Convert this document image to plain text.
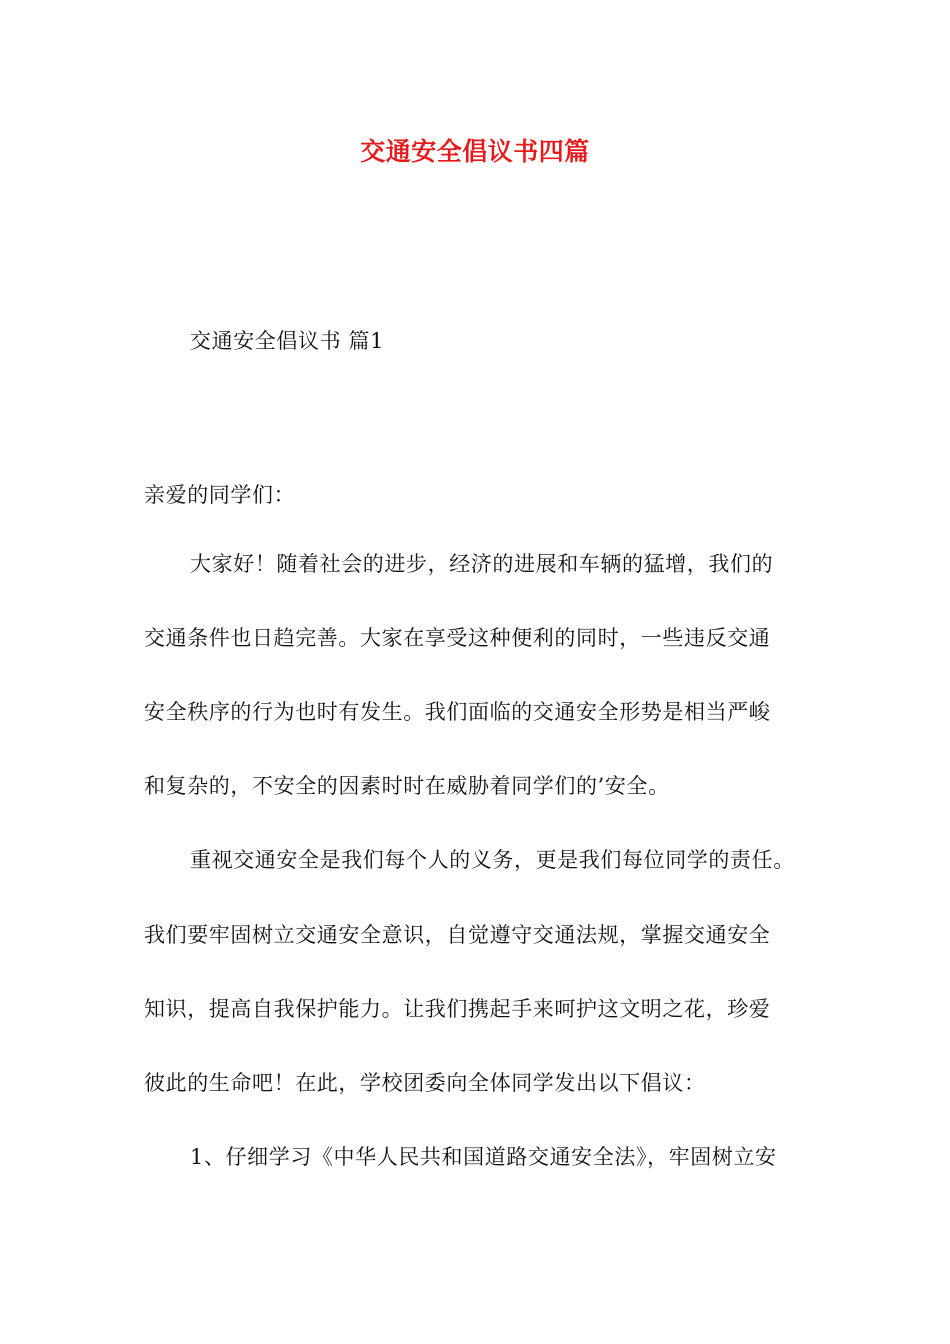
交通安全倡议书四篇
交通安全倡议书 篇1
亲爱的同学们：
大家好！随着社会的进步，经济的进展和车辆的猛增，我们的
交通条件也日趋完善。大家在享受这种便利的同时，一些违反交通
安全秩序的行为也时有发生。我们面临的交通安全形势是相当严峻
和复杂的，不安全的因素时时在威胁着同学们的’安全。
重视交通安全是我们每个人的义务，更是我们每位同学的责任。
我们要牢固树立交通安全意识，自觉遵守交通法规，掌握交通安全
知识，提高自我保护能力。让我们携起手来呵护这文明之花，珍爱
彼此的生命吧！在此，学校团委向全体同学发出以下倡议：
1、仔细学习《中华人民共和国道路交通安全法》，牢固树立安
